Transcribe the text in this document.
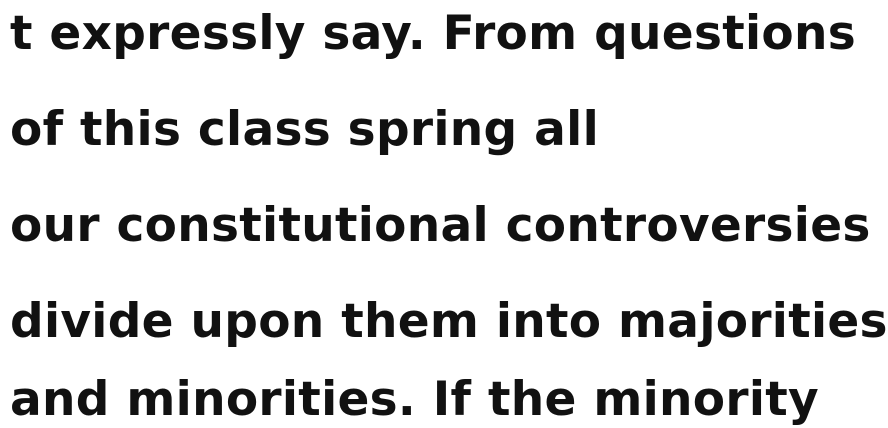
t expressly say. From questions
of this class spring all
our constitutional controversies
divide upon them into majorities
and minorities. If the minority
